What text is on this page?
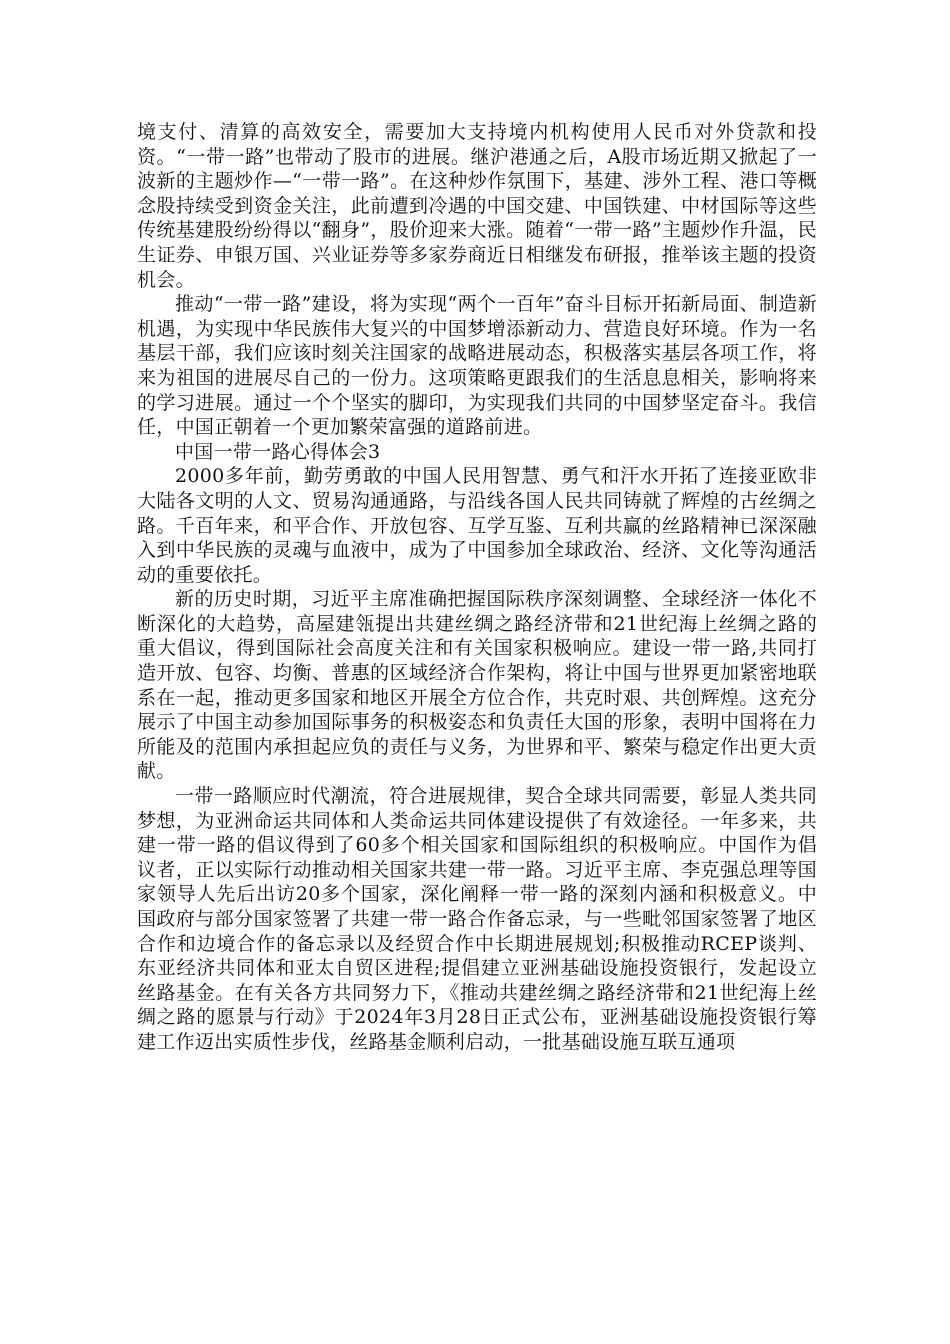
境支付、清算的高效安全，需要加大支持境内机构使用人民币对外贷款和投资。“一带一路”也带动了股市的进展。继沪港通之后，A股市场近期又掀起了一波新的主题炒作—“一带一路”。在这种炒作氛围下，基建、涉外工程、港口等概念股持续受到资金关注，此前遭到冷遇的中国交建、中国铁建、中材国际等这些传统基建股纷纷得以“翻身”，股价迎来大涨。随着“一带一路”主题炒作升温，民生证券、申银万国、兴业证券等多家券商近日相继发布研报，推举该主题的投资机会。

推动“一带一路”建设，将为实现“两个一百年”奋斗目标开拓新局面、制造新机遇，为实现中华民族伟大复兴的中国梦增添新动力、营造良好环境。作为一名基层干部，我们应该时刻关注国家的战略进展动态，积极落实基层各项工作，将来为祖国的进展尽自己的一份力。这项策略更跟我们的生活息息相关，影响将来的学习进展。通过一个个坚实的脚印，为实现我们共同的中国梦坚定奋斗。我信任，中国正朝着一个更加繁荣富强的道路前进。

中国一带一路心得体会3

2000多年前，勤劳勇敢的中国人民用智慧、勇气和汗水开拓了连接亚欧非大陆各文明的人文、贸易沟通通路，与沿线各国人民共同铸就了辉煌的古丝绸之路。千百年来，和平合作、开放包容、互学互鉴、互利共赢的丝路精神已深深融入到中华民族的灵魂与血液中，成为了中国参加全球政治、经济、文化等沟通活动的重要依托。

新的历史时期，习近平主席准确把握国际秩序深刻调整、全球经济一体化不断深化的大趋势，高屋建瓴提出共建丝绸之路经济带和21世纪海上丝绸之路的重大倡议，得到国际社会高度关注和有关国家积极响应。建设一带一路,共同打造开放、包容、均衡、普惠的区域经济合作架构，将让中国与世界更加紧密地联系在一起，推动更多国家和地区开展全方位合作，共克时艰、共创辉煌。这充分展示了中国主动参加国际事务的积极姿态和负责任大国的形象，表明中国将在力所能及的范围内承担起应负的责任与义务，为世界和平、繁荣与稳定作出更大贡献。

一带一路顺应时代潮流，符合进展规律，契合全球共同需要，彰显人类共同梦想，为亚洲命运共同体和人类命运共同体建设提供了有效途径。一年多来，共建一带一路的倡议得到了60多个相关国家和国际组织的积极响应。中国作为倡议者，正以实际行动推动相关国家共建一带一路。习近平主席、李克强总理等国家领导人先后出访20多个国家，深化阐释一带一路的深刻内涵和积极意义。中国政府与部分国家签署了共建一带一路合作备忘录，与一些毗邻国家签署了地区合作和边境合作的备忘录以及经贸合作中长期进展规划;积极推动RCEP谈判、东亚经济共同体和亚太自贸区进程;提倡建立亚洲基础设施投资银行，发起设立丝路基金。在有关各方共同努力下，《推动共建丝绸之路经济带和21世纪海上丝绸之路的愿景与行动》于2024年3月28日正式公布，亚洲基础设施投资银行筹建工作迈出实质性步伐，丝路基金顺利启动，一批基础设施互联互通项
